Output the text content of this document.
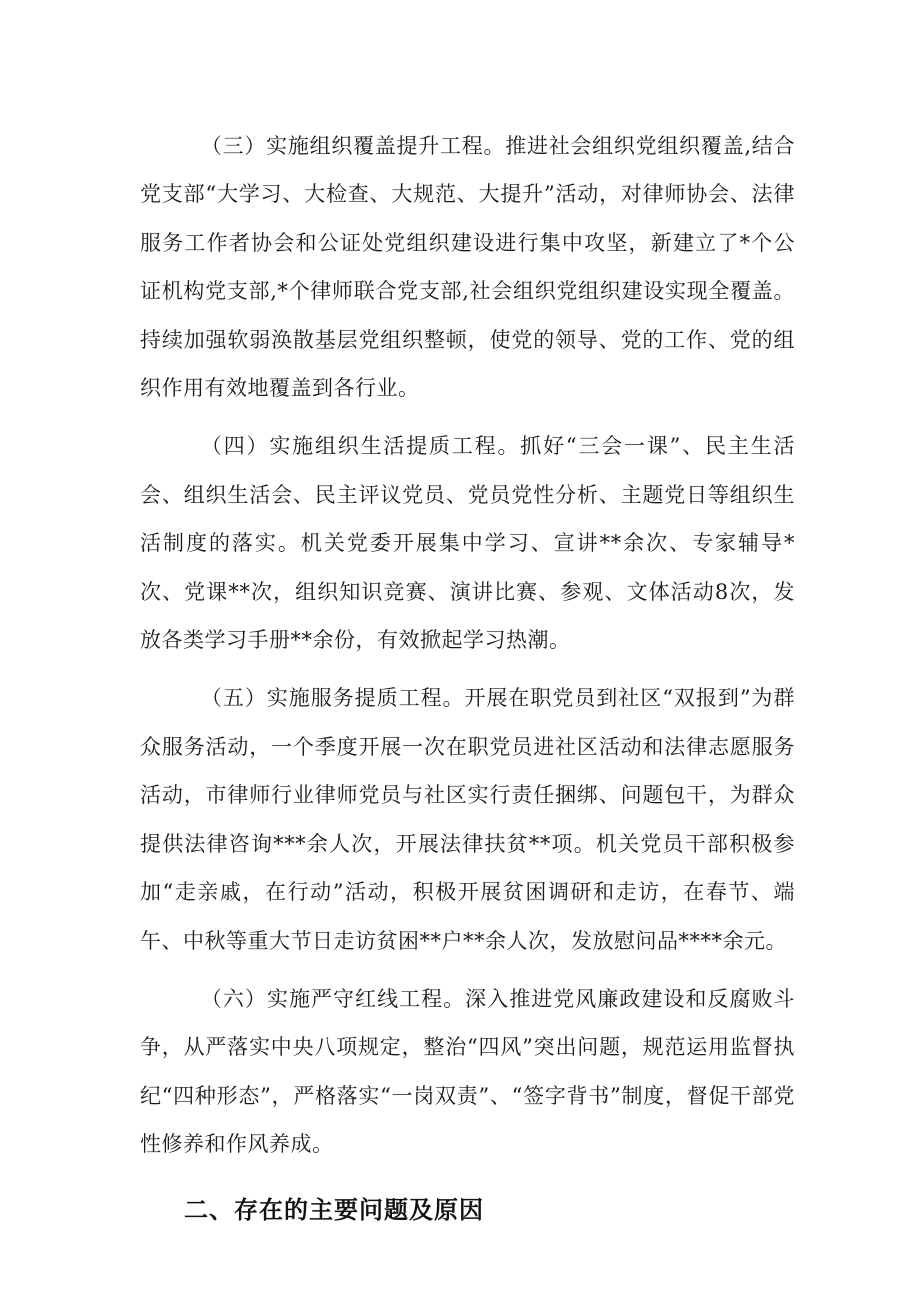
（三）实施组织覆盖提升工程。推进社会组织党组织覆盖,结合党支部“大学习、大检查、大规范、大提升”活动，对律师协会、法律服务工作者协会和公证处党组织建设进行集中攻坚，新建立了*个公证机构党支部,*个律师联合党支部,社会组织党组织建设实现全覆盖。持续加强软弱涣散基层党组织整顿，使党的领导、党的工作、党的组织作用有效地覆盖到各行业。

（四）实施组织生活提质工程。抓好“三会一课”、民主生活会、组织生活会、民主评议党员、党员党性分析、主题党日等组织生活制度的落实。机关党委开展集中学习、宣讲**余次、专家辅导*次、党课**次，组织知识竞赛、演讲比赛、参观、文体活动8次，发放各类学习手册**余份，有效掀起学习热潮。

（五）实施服务提质工程。开展在职党员到社区“双报到”为群众服务活动，一个季度开展一次在职党员进社区活动和法律志愿服务活动，市律师行业律师党员与社区实行责任捆绑、问题包干，为群众提供法律咨询***余人次，开展法律扶贫**项。机关党员干部积极参加“走亲戚，在行动”活动，积极开展贫困调研和走访，在春节、端午、中秋等重大节日走访贫困**户**余人次，发放慰问品****余元。

（六）实施严守红线工程。深入推进党风廉政建设和反腐败斗争，从严落实中央八项规定，整治“四风”突出问题，规范运用监督执纪“四种形态”，严格落实“一岗双责”、“签字背书”制度，督促干部党性修养和作风养成。

二、存在的主要问题及原因
